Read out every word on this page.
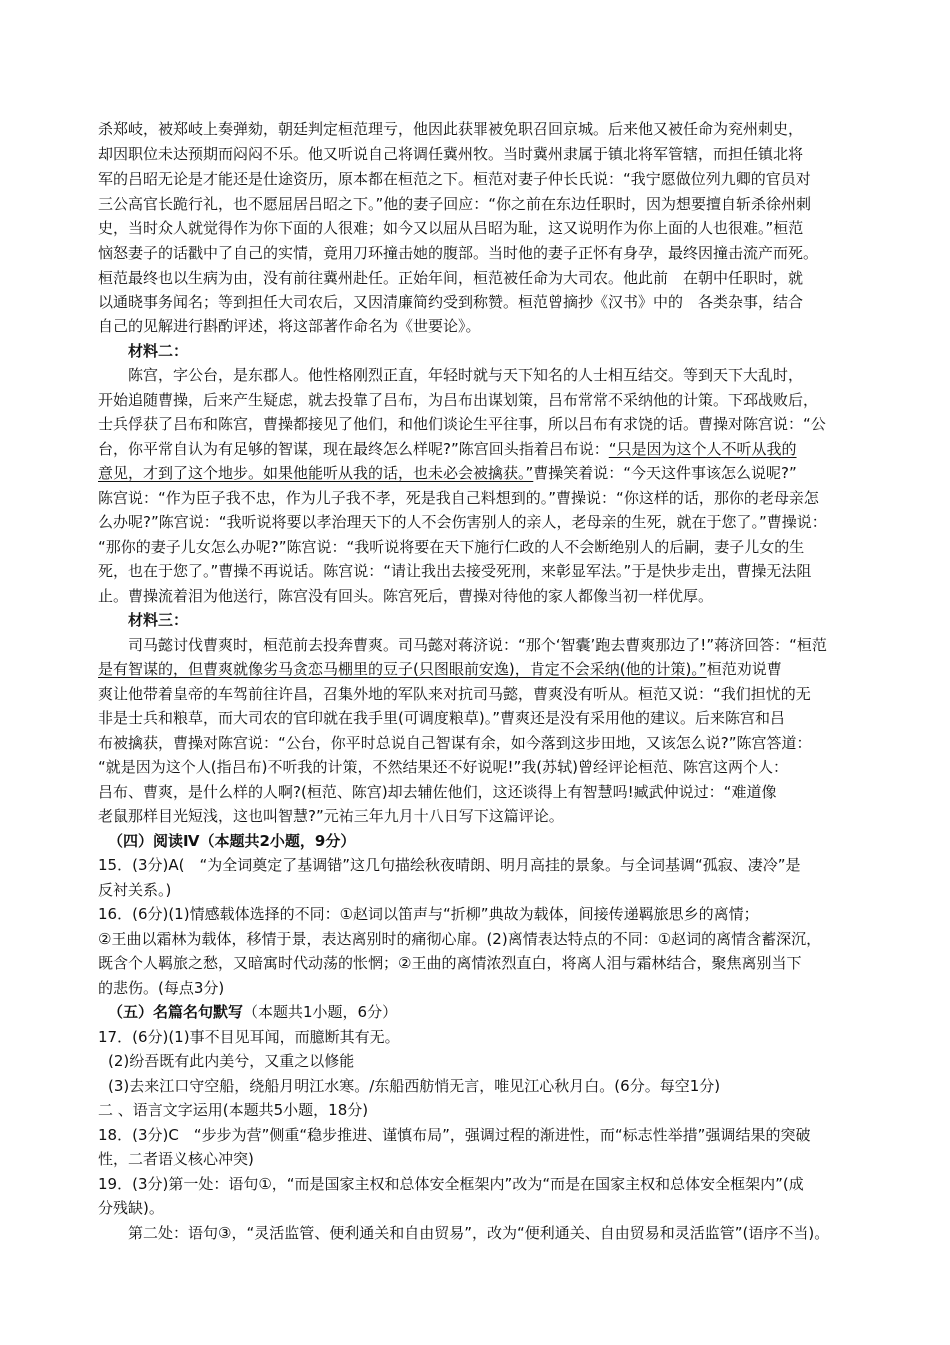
杀郑岐，被郑岐上奏弹劾，朝廷判定桓范理亏，他因此获罪被免职召回京城。后来他又被任命为兖州刺史，
却因职位未达预期而闷闷不乐。他又听说自己将调任冀州牧。当时冀州隶属于镇北将军管辖，而担任镇北将
军的吕昭无论是才能还是仕途资历，原本都在桓范之下。桓范对妻子仲长氏说：“我宁愿做位列九卿的官员对
三公高官长跪行礼，也不愿屈居吕昭之下。”他的妻子回应：“你之前在东边任职时，因为想要擅自斩杀徐州刺
史，当时众人就觉得作为你下面的人很难；如今又以屈从吕昭为耻，这又说明作为你上面的人也很难。”桓范
恼怒妻子的话戳中了自己的实情，竟用刀环撞击她的腹部。当时他的妻子正怀有身孕，最终因撞击流产而死。
桓范最终也以生病为由，没有前往冀州赴任。正始年间，桓范被任命为大司农。他此前　在朝中任职时，就
以通晓事务闻名；等到担任大司农后，又因清廉简约受到称赞。桓范曾摘抄《汉书》中的　各类杂事，结合
自己的见解进行斟酌评述，将这部著作命名为《世要论》。
材料二：
陈宫，字公台，是东郡人。他性格刚烈正直，年轻时就与天下知名的人士相互结交。等到天下大乱时，
开始追随曹操，后来产生疑虑，就去投靠了吕布，为吕布出谋划策，吕布常常不采纳他的计策。下邳战败后，
士兵俘获了吕布和陈宫，曹操都接见了他们，和他们谈论生平往事，所以吕布有求饶的话。曹操对陈宫说：“公
台，你平常自认为有足够的智谋，现在最终怎么样呢?”陈宫回头指着吕布说：“只是因为这个人不听从我的
意见，才到了这个地步。如果他能听从我的话，也未必会被擒获。”曹操笑着说：“今天这件事该怎么说呢?”
陈宫说：“作为臣子我不忠，作为儿子我不孝，死是我自己料想到的。”曹操说：“你这样的话，那你的老母亲怎
么办呢?”陈宫说：“我听说将要以孝治理天下的人不会伤害别人的亲人，老母亲的生死，就在于您了。”曹操说：
“那你的妻子儿女怎么办呢?”陈宫说：“我听说将要在天下施行仁政的人不会断绝别人的后嗣，妻子儿女的生
死，也在于您了。”曹操不再说话。陈宫说：“请让我出去接受死刑，来彰显军法。”于是快步走出，曹操无法阻
止。曹操流着泪为他送行，陈宫没有回头。陈宫死后，曹操对待他的家人都像当初一样优厚。
材料三：
司马懿讨伐曹爽时，桓范前去投奔曹爽。司马懿对蒋济说：“那个‘智囊’跑去曹爽那边了!”蒋济回答：“桓范
是有智谋的，但曹爽就像劣马贪恋马棚里的豆子(只图眼前安逸)，肯定不会采纳(他的计策)。”桓范劝说曹
爽让他带着皇帝的车驾前往许昌，召集外地的军队来对抗司马懿，曹爽没有听从。桓范又说：“我们担忧的无
非是士兵和粮草，而大司农的官印就在我手里(可调度粮草)。”曹爽还是没有采用他的建议。后来陈宫和吕
布被擒获，曹操对陈宫说：“公台，你平时总说自己智谋有余，如今落到这步田地，又该怎么说?”陈宫答道：
“就是因为这个人(指吕布)不听我的计策，不然结果还不好说呢!”我(苏轼)曾经评论桓范、陈宫这两个人：
吕布、曹爽，是什么样的人啊?(桓范、陈宫)却去辅佐他们，这还谈得上有智慧吗!臧武仲说过：“难道像
老鼠那样目光短浅，这也叫智慧?”元祐三年九月十八日写下这篇评论。
（四）阅读Ⅳ（本题共2小题，9分）
15．(3分)A(　“为全词奠定了基调错”这几句描绘秋夜晴朗、明月高挂的景象。与全词基调“孤寂、凄冷”是
反衬关系。)
16．(6分)(1)情感载体选择的不同：①赵词以笛声与“折柳”典故为载体，间接传递羁旅思乡的离情；
②王曲以霜林为载体，移情于景，表达离别时的痛彻心扉。(2)离情表达特点的不同：①赵词的离情含蓄深沉，
既含个人羁旅之愁，又暗寓时代动荡的怅惘；②王曲的离情浓烈直白，将离人泪与霜林结合，聚焦离别当下
的悲伤。(每点3分)
（五）名篇名句默写（本题共1小题，6分）
17．(6分)(1)事不目见耳闻，而臆断其有无。
(2)纷吾既有此内美兮，又重之以修能
(3)去来江口守空船，绕船月明江水寒。/东船西舫悄无言，唯见江心秋月白。(6分。每空1分)
二 、语言文字运用(本题共5小题，18分)
18．(3分)C　“步步为营”侧重“稳步推进、谨慎布局”，强调过程的渐进性，而“标志性举措”强调结果的突破
性，二者语义核心冲突)
19．(3分)第一处：语句①，“而是国家主权和总体安全框架内”改为“而是在国家主权和总体安全框架内”(成
分残缺)。
第二处：语句③，“灵活监管、便利通关和自由贸易”，改为“便利通关、自由贸易和灵活监管”(语序不当)。
